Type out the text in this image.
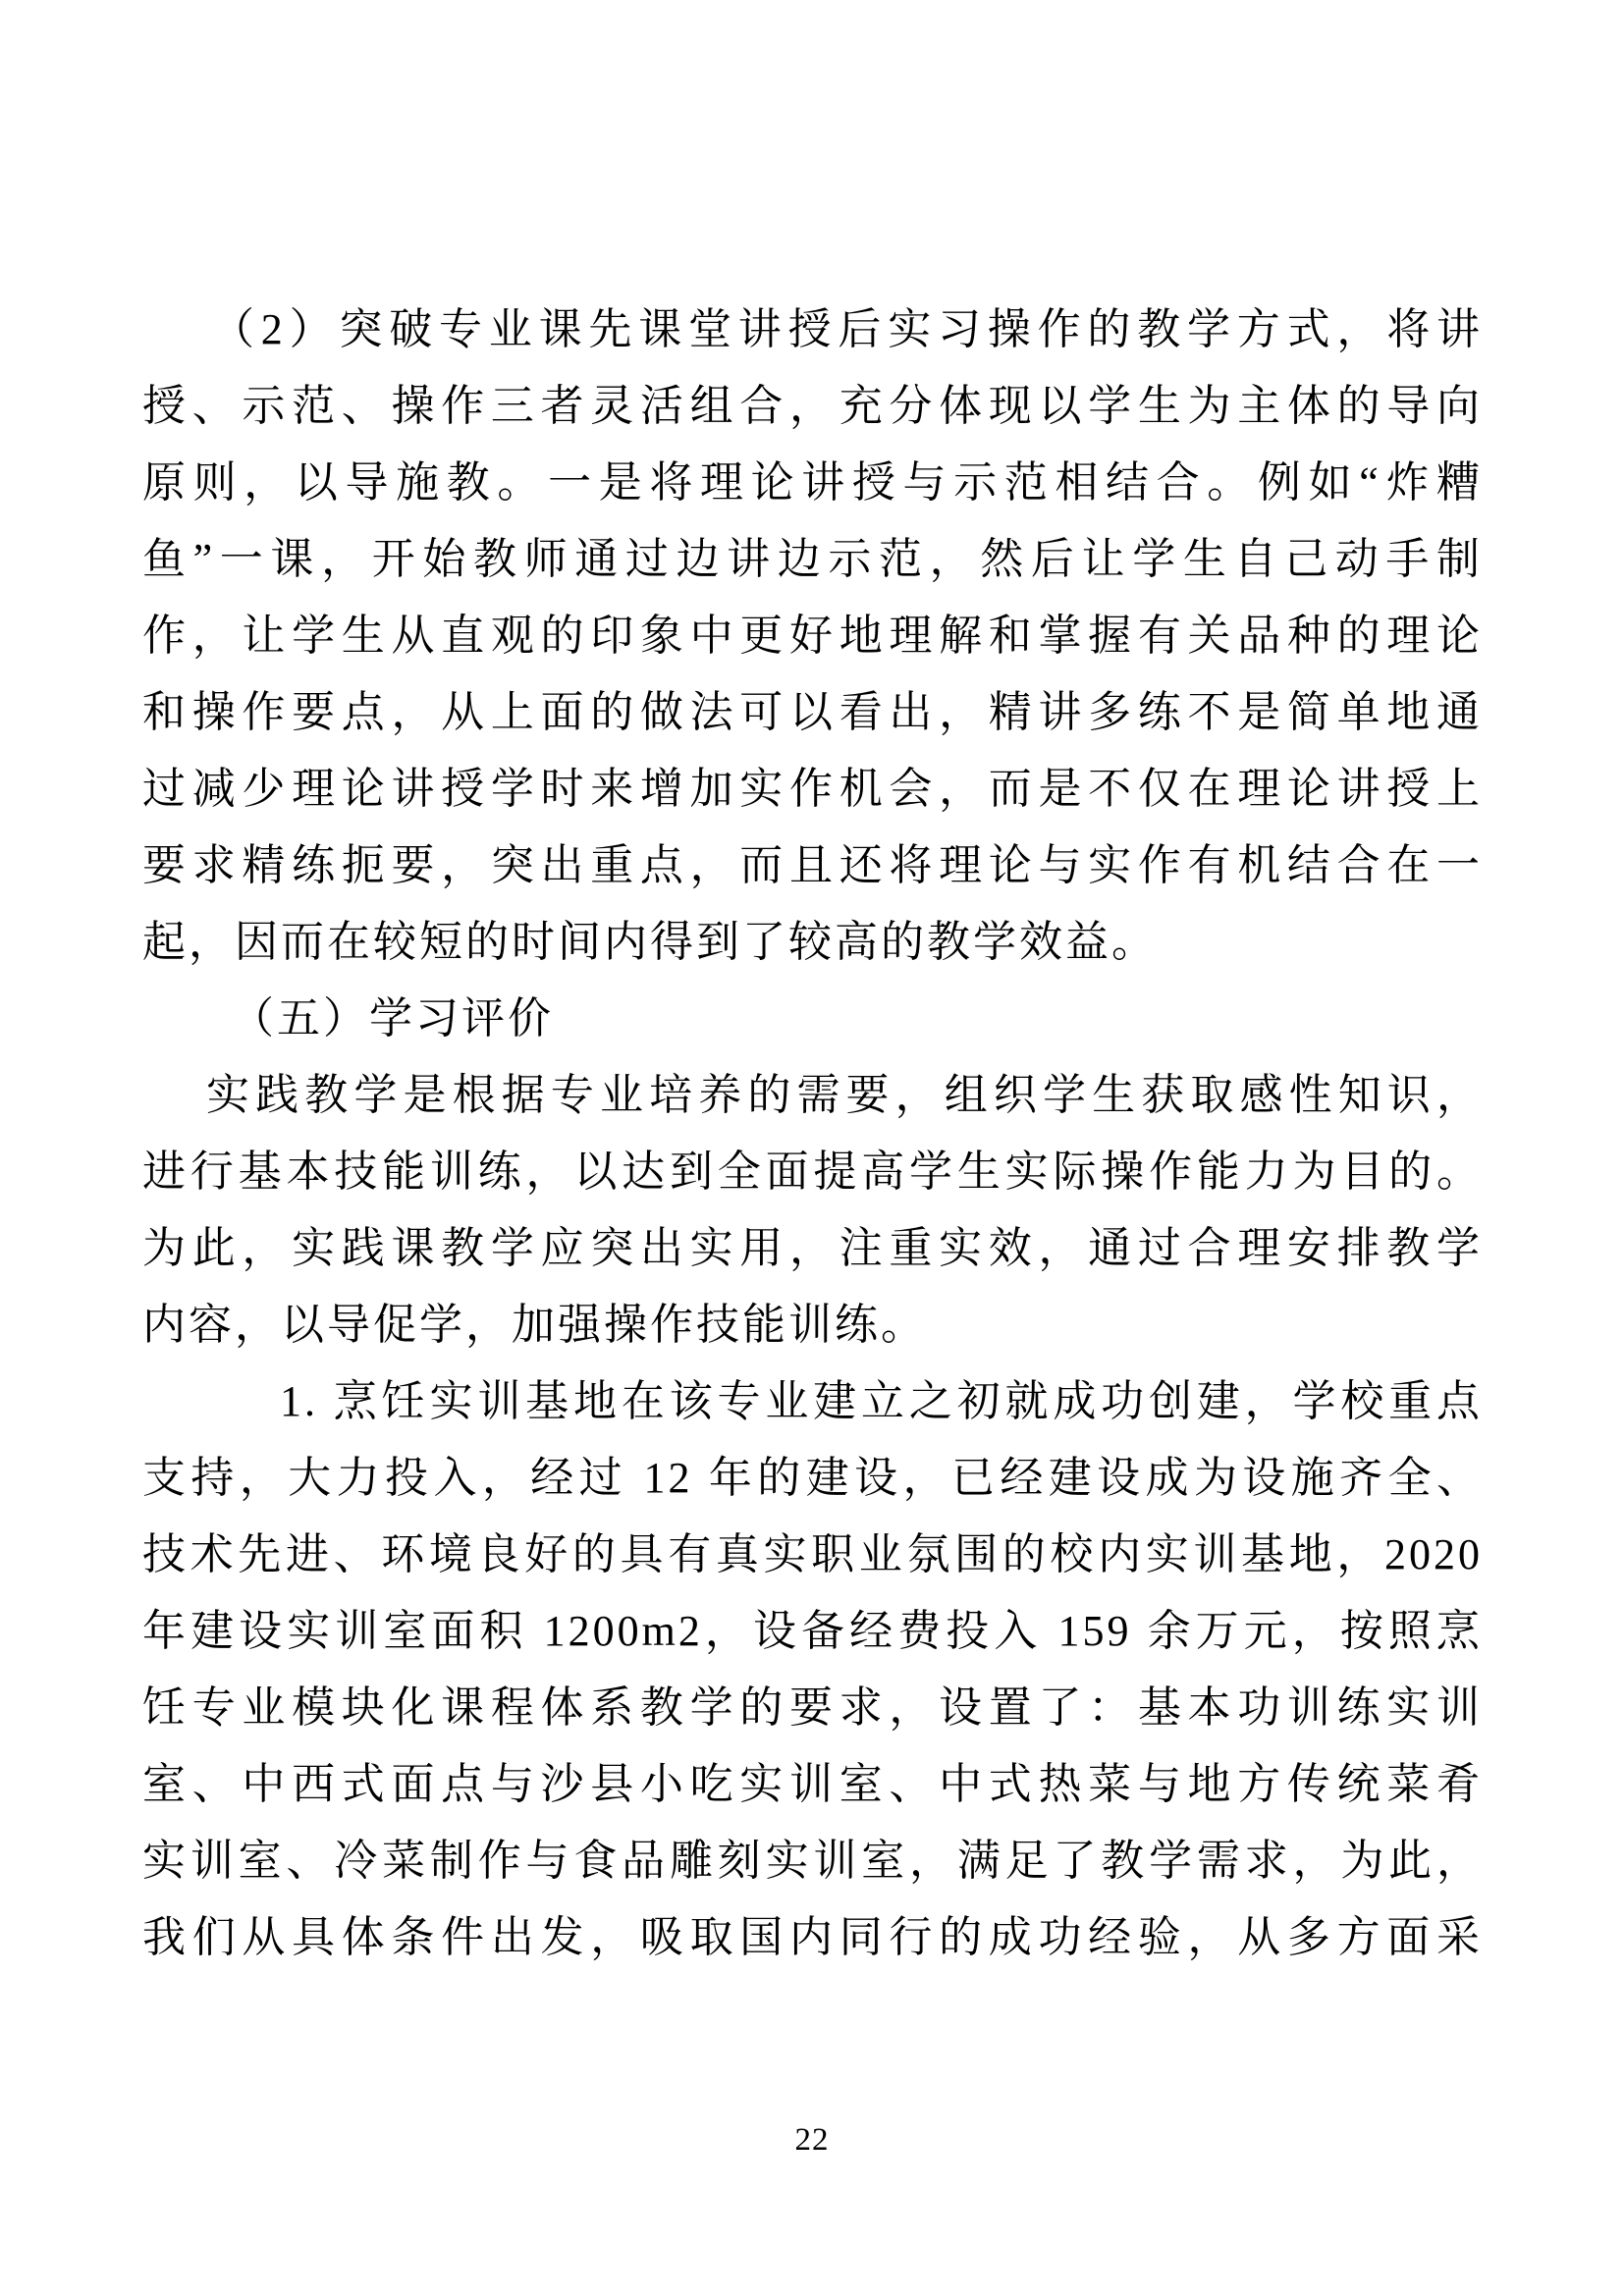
（2）突破专业课先课堂讲授后实习操作的教学方式，将讲
授、示范、操作三者灵活组合，充分体现以学生为主体的导向
原则，以导施教。一是将理论讲授与示范相结合。例如“炸糟
鱼”一课，开始教师通过边讲边示范，然后让学生自己动手制
作，让学生从直观的印象中更好地理解和掌握有关品种的理论
和操作要点，从上面的做法可以看出，精讲多练不是简单地通
过减少理论讲授学时来增加实作机会，而是不仅在理论讲授上
要求精练扼要，突出重点，而且还将理论与实作有机结合在一
起，因而在较短的时间内得到了较高的教学效益。
（五）学习评价
实践教学是根据专业培养的需要，组织学生获取感性知识，
进行基本技能训练，以达到全面提高学生实际操作能力为目的。
为此，实践课教学应突出实用，注重实效，通过合理安排教学
内容，以导促学，加强操作技能训练。
1. 烹饪实训基地在该专业建立之初就成功创建，学校重点
支持，大力投入，经过 12 年的建设，已经建设成为设施齐全、
技术先进、环境良好的具有真实职业氛围的校内实训基地，2020
年建设实训室面积 1200m2，设备经费投入 159 余万元，按照烹
饪专业模块化课程体系教学的要求，设置了：基本功训练实训
室、中西式面点与沙县小吃实训室、中式热菜与地方传统菜肴
实训室、冷菜制作与食品雕刻实训室，满足了教学需求，为此，
我们从具体条件出发，吸取国内同行的成功经验，从多方面采
22
